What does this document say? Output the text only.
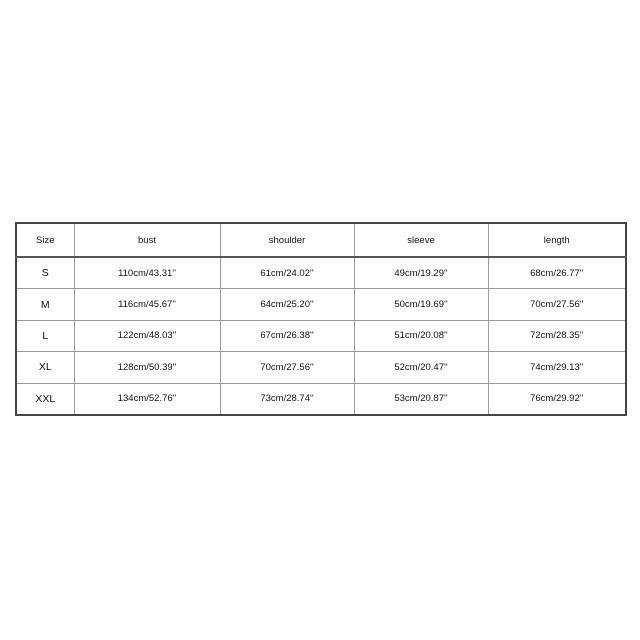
Size	bust	shoulder	sleeve	length
S	110cm/43.31''	61cm/24.02''	49cm/19.29''	68cm/26.77''
M	116cm/45.67''	64cm/25.20''	50cm/19.69''	70cm/27.56''
L	122cm/48.03''	67cm/26.38''	51cm/20.08''	72cm/28.35''
XL	128cm/50.39''	70cm/27.56''	52cm/20.47''	74cm/29.13''
XXL	134cm/52.76''	73cm/28.74''	53cm/20.87''	76cm/29.92''
